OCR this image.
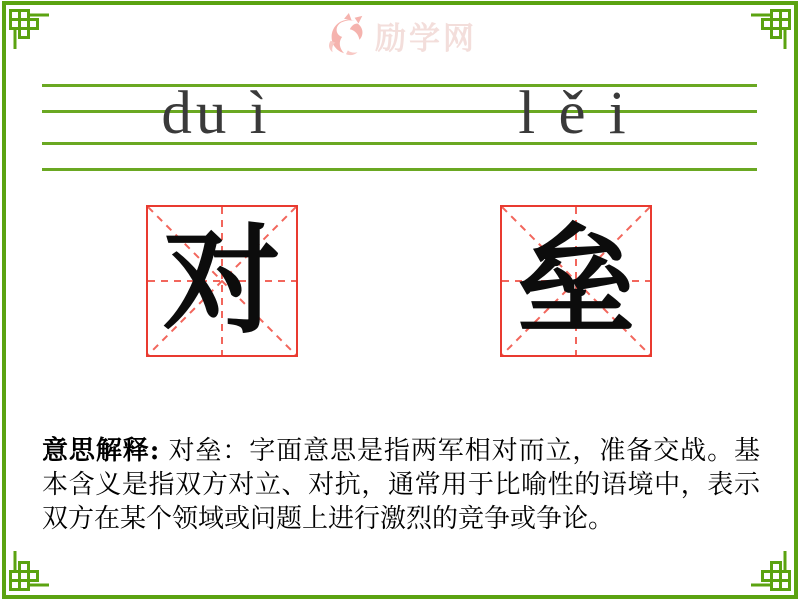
励学网
du ì	l ě i
对 垒

意思解释: 对垒：字面意思是指两军相对而立，准备交战。基本含义是指双方对立、对抗，通常用于比喻性的语境中，表示双方在某个领域或问题上进行激烈的竞争或争论。
